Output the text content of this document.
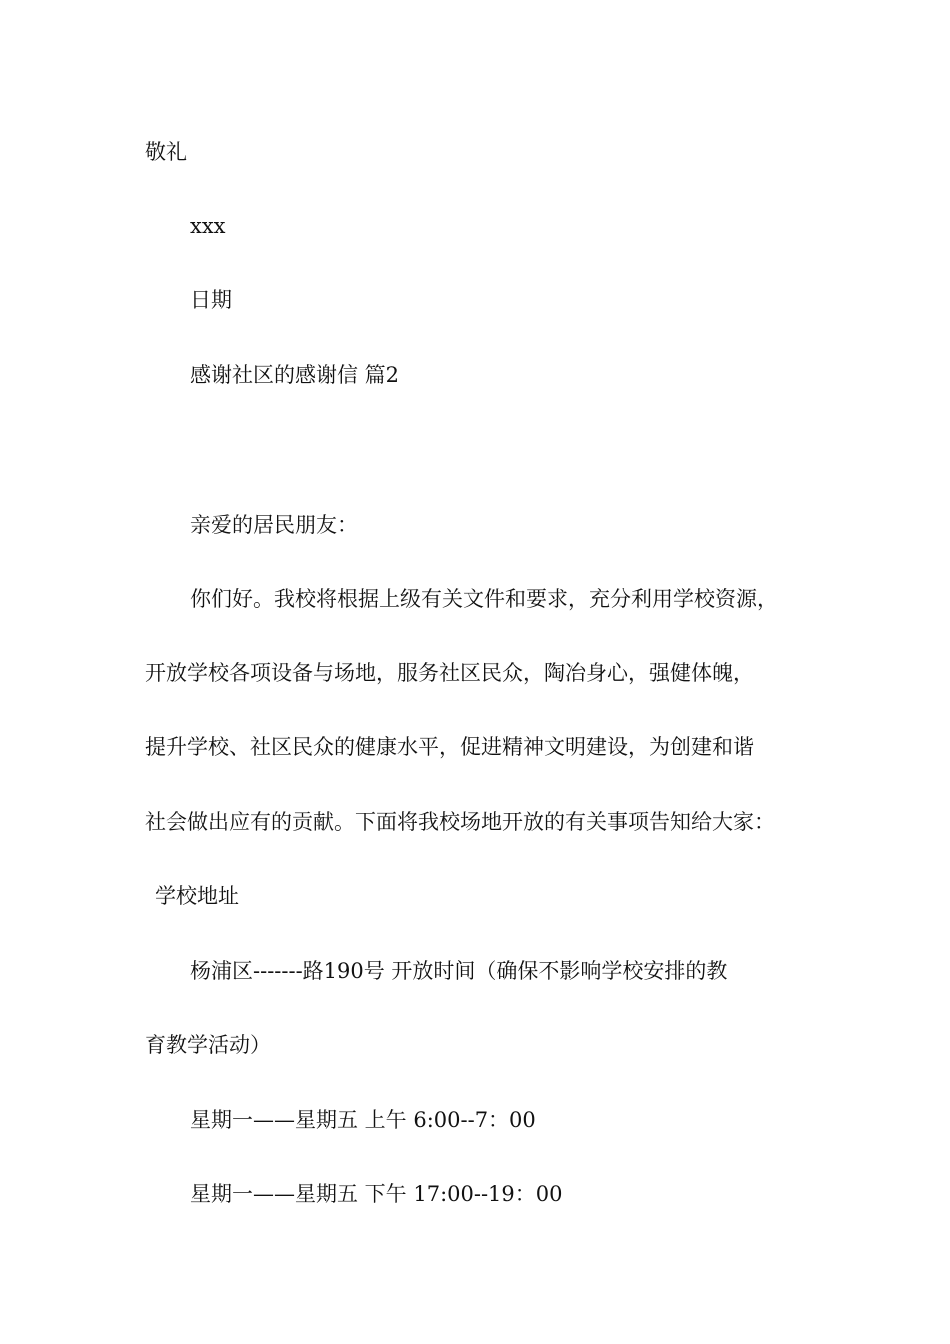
敬礼
xxx
日期
感谢社区的感谢信 篇2
亲爱的居民朋友：
你们好。我校将根据上级有关文件和要求，充分利用学校资源，
开放学校各项设备与场地，服务社区民众，陶冶身心，强健体魄，
提升学校、社区民众的健康水平，促进精神文明建设，为创建和谐
社会做出应有的贡献。下面将我校场地开放的有关事项告知给大家：
学校地址
杨浦区-------路190号 开放时间（确保不影响学校安排的教
育教学活动）
星期一——星期五 上午 6:00--7：00
星期一——星期五 下午 17:00--19：00
